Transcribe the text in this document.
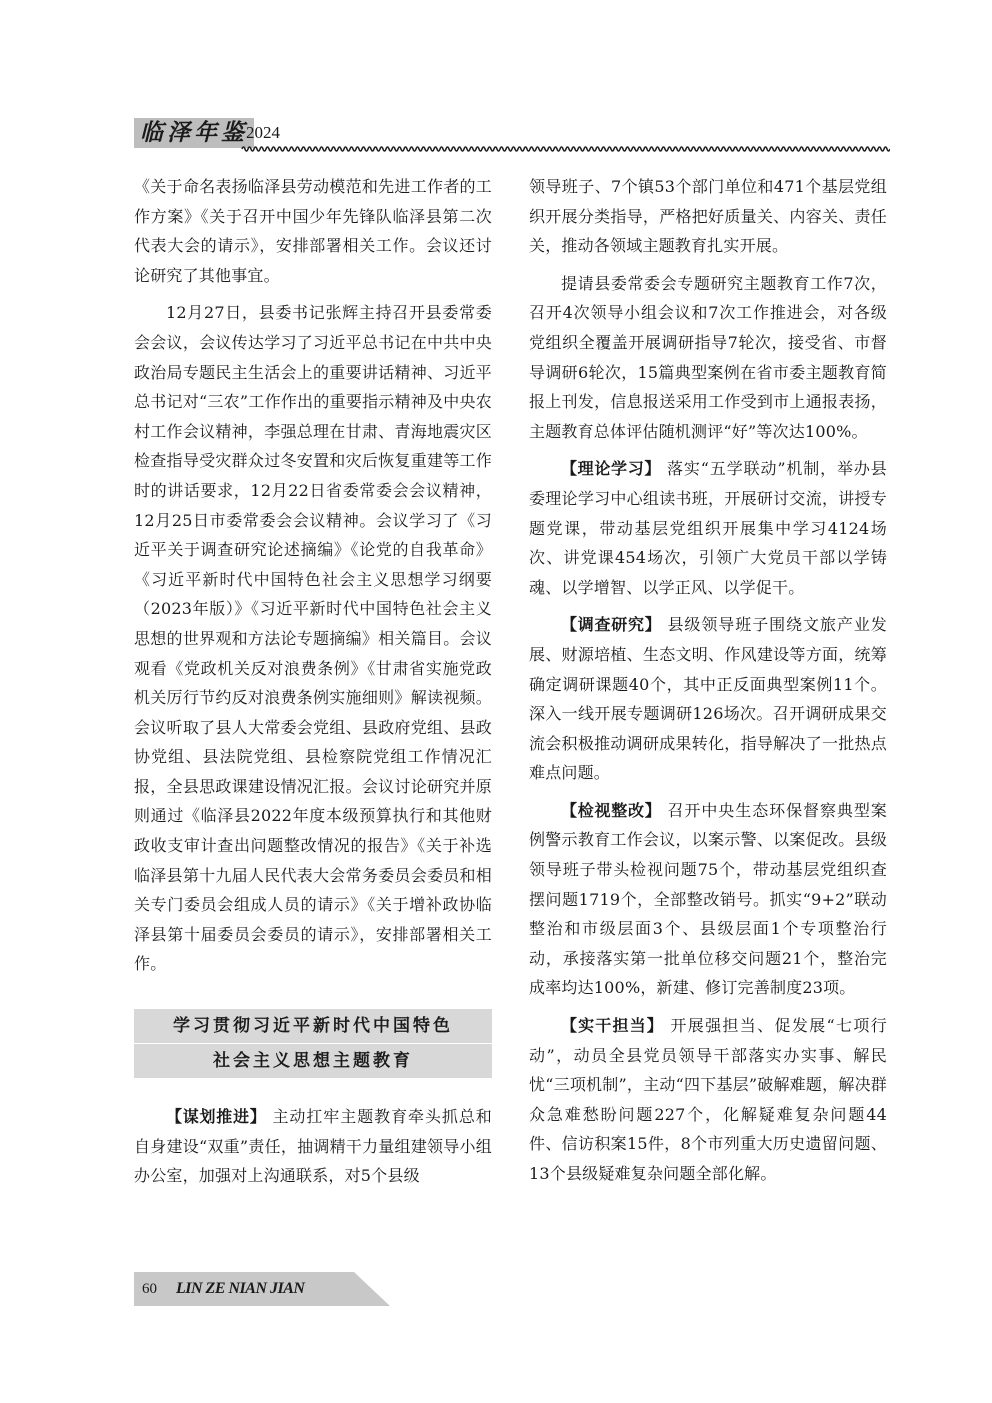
临泽年鉴
2024

《关于命名表扬临泽县劳动模范和先进工作者的工作方案》《关于召开中国少年先锋队临泽县第二次代表大会的请示》，安排部署相关工作。会议还讨论研究了其他事宜。

12月27日，县委书记张辉主持召开县委常委会会议，会议传达学习了习近平总书记在中共中央政治局专题民主生活会上的重要讲话精神、习近平总书记对“三农”工作作出的重要指示精神及中央农村工作会议精神，李强总理在甘肃、青海地震灾区检查指导受灾群众过冬安置和灾后恢复重建等工作时的讲话要求，12月22日省委常委会会议精神，12月25日市委常委会会议精神。会议学习了《习近平关于调查研究论述摘编》《论党的自我革命》《习近平新时代中国特色社会主义思想学习纲要（2023年版）》《习近平新时代中国特色社会主义思想的世界观和方法论专题摘编》相关篇目。会议观看《党政机关反对浪费条例》《甘肃省实施党政机关厉行节约反对浪费条例实施细则》解读视频。会议听取了县人大常委会党组、县政府党组、县政协党组、县法院党组、县检察院党组工作情况汇报，全县思政课建设情况汇报。会议讨论研究并原则通过《临泽县2022年度本级预算执行和其他财政收支审计查出问题整改情况的报告》《关于补选临泽县第十九届人民代表大会常务委员会委员和相关专门委员会组成人员的请示》《关于增补政协临泽县第十届委员会委员的请示》，安排部署相关工作。

学习贯彻习近平新时代中国特色
社会主义思想主题教育

【谋划推进】 主动扛牢主题教育牵头抓总和自身建设“双重”责任，抽调精干力量组建领导小组办公室，加强对上沟通联系，对5个县级

领导班子、7个镇53个部门单位和471个基层党组织开展分类指导，严格把好质量关、内容关、责任关，推动各领域主题教育扎实开展。

提请县委常委会专题研究主题教育工作7次，召开4次领导小组会议和7次工作推进会，对各级党组织全覆盖开展调研指导7轮次，接受省、市督导调研6轮次，15篇典型案例在省市委主题教育简报上刊发，信息报送采用工作受到市上通报表扬，主题教育总体评估随机测评“好”等次达100%。

【理论学习】 落实“五学联动”机制，举办县委理论学习中心组读书班，开展研讨交流，讲授专题党课，带动基层党组织开展集中学习4124场次、讲党课454场次，引领广大党员干部以学铸魂、以学增智、以学正风、以学促干。

【调查研究】 县级领导班子围绕文旅产业发展、财源培植、生态文明、作风建设等方面，统筹确定调研课题40个，其中正反面典型案例11个。深入一线开展专题调研126场次。召开调研成果交流会积极推动调研成果转化，指导解决了一批热点难点问题。

【检视整改】 召开中央生态环保督察典型案例警示教育工作会议，以案示警、以案促改。县级领导班子带头检视问题75个，带动基层党组织查摆问题1719个，全部整改销号。抓实“9+2”联动整治和市级层面3个、县级层面1个专项整治行动，承接落实第一批单位移交问题21个，整治完成率均达100%，新建、修订完善制度23项。

【实干担当】 开展强担当、促发展“七项行动”，动员全县党员领导干部落实办实事、解民忧“三项机制”，主动“四下基层”破解难题，解决群众急难愁盼问题227个，化解疑难复杂问题44件、信访积案15件，8个市列重大历史遗留问题、13个县级疑难复杂问题全部化解。

60 LIN ZE NIAN JIAN
